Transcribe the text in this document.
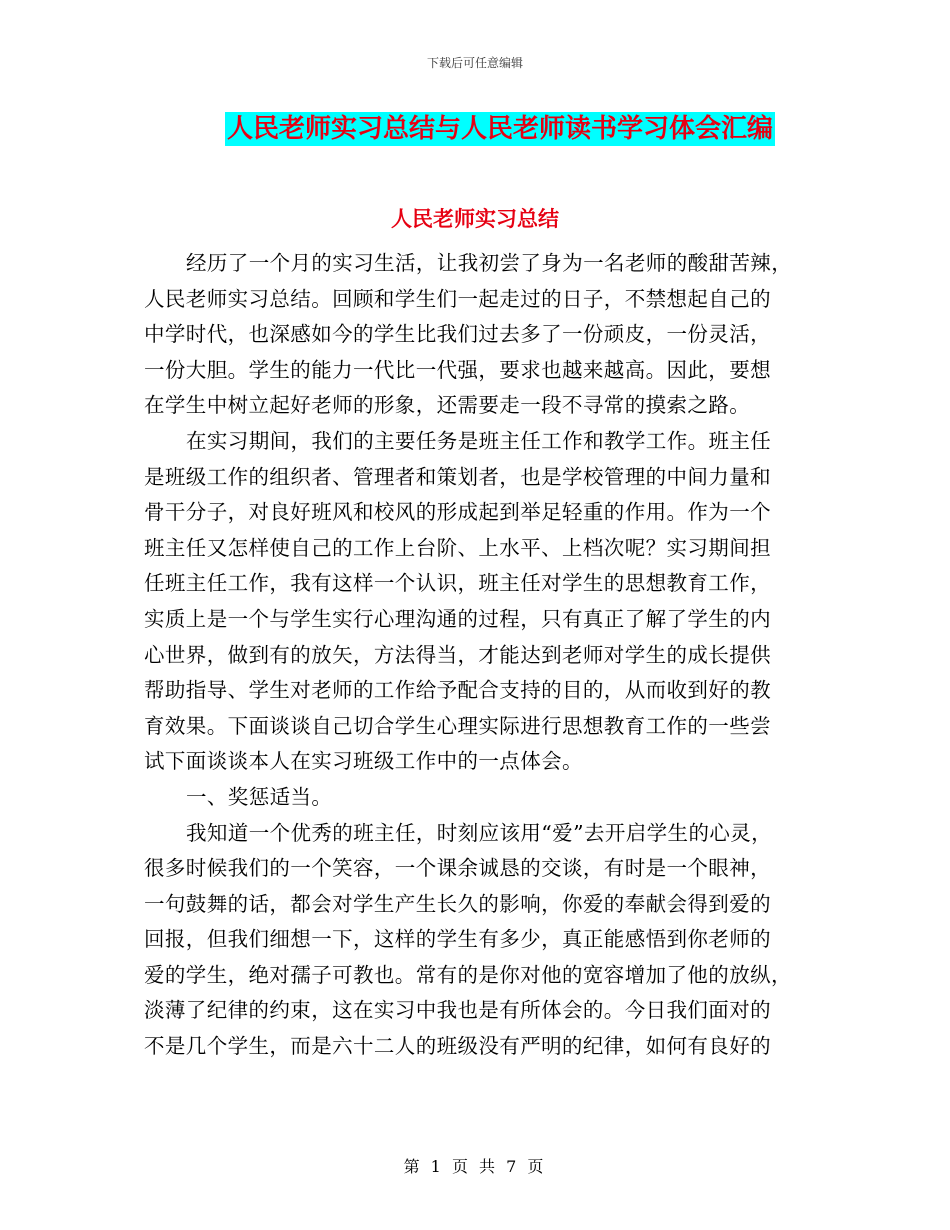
下载后可任意编辑
人民老师实习总结与人民老师读书学习体会汇编
人民老师实习总结
经历了一个月的实习生活，让我初尝了身为一名老师的酸甜苦辣，
人民老师实习总结。回顾和学生们一起走过的日子，不禁想起自己的
中学时代，也深感如今的学生比我们过去多了一份顽皮，一份灵活，
一份大胆。学生的能力一代比一代强，要求也越来越高。因此，要想
在学生中树立起好老师的形象，还需要走一段不寻常的摸索之路。
在实习期间，我们的主要任务是班主任工作和教学工作。班主任
是班级工作的组织者、管理者和策划者，也是学校管理的中间力量和
骨干分子，对良好班风和校风的形成起到举足轻重的作用。作为一个
班主任又怎样使自己的工作上台阶、上水平、上档次呢？实习期间担
任班主任工作，我有这样一个认识，班主任对学生的思想教育工作，
实质上是一个与学生实行心理沟通的过程，只有真正了解了学生的内
心世界，做到有的放矢，方法得当，才能达到老师对学生的成长提供
帮助指导、学生对老师的工作给予配合支持的目的，从而收到好的教
育效果。下面谈谈自己切合学生心理实际进行思想教育工作的一些尝
试下面谈谈本人在实习班级工作中的一点体会。
一、奖惩适当。
我知道一个优秀的班主任，时刻应该用“爱”去开启学生的心灵，
很多时候我们的一个笑容，一个课余诚恳的交谈，有时是一个眼神，
一句鼓舞的话，都会对学生产生长久的影响，你爱的奉献会得到爱的
回报，但我们细想一下，这样的学生有多少，真正能感悟到你老师的
爱的学生，绝对孺子可教也。常有的是你对他的宽容增加了他的放纵，
淡薄了纪律的约束，这在实习中我也是有所体会的。今日我们面对的
不是几个学生，而是六十二人的班级没有严明的纪律，如何有良好的
第 1 页 共 7 页
